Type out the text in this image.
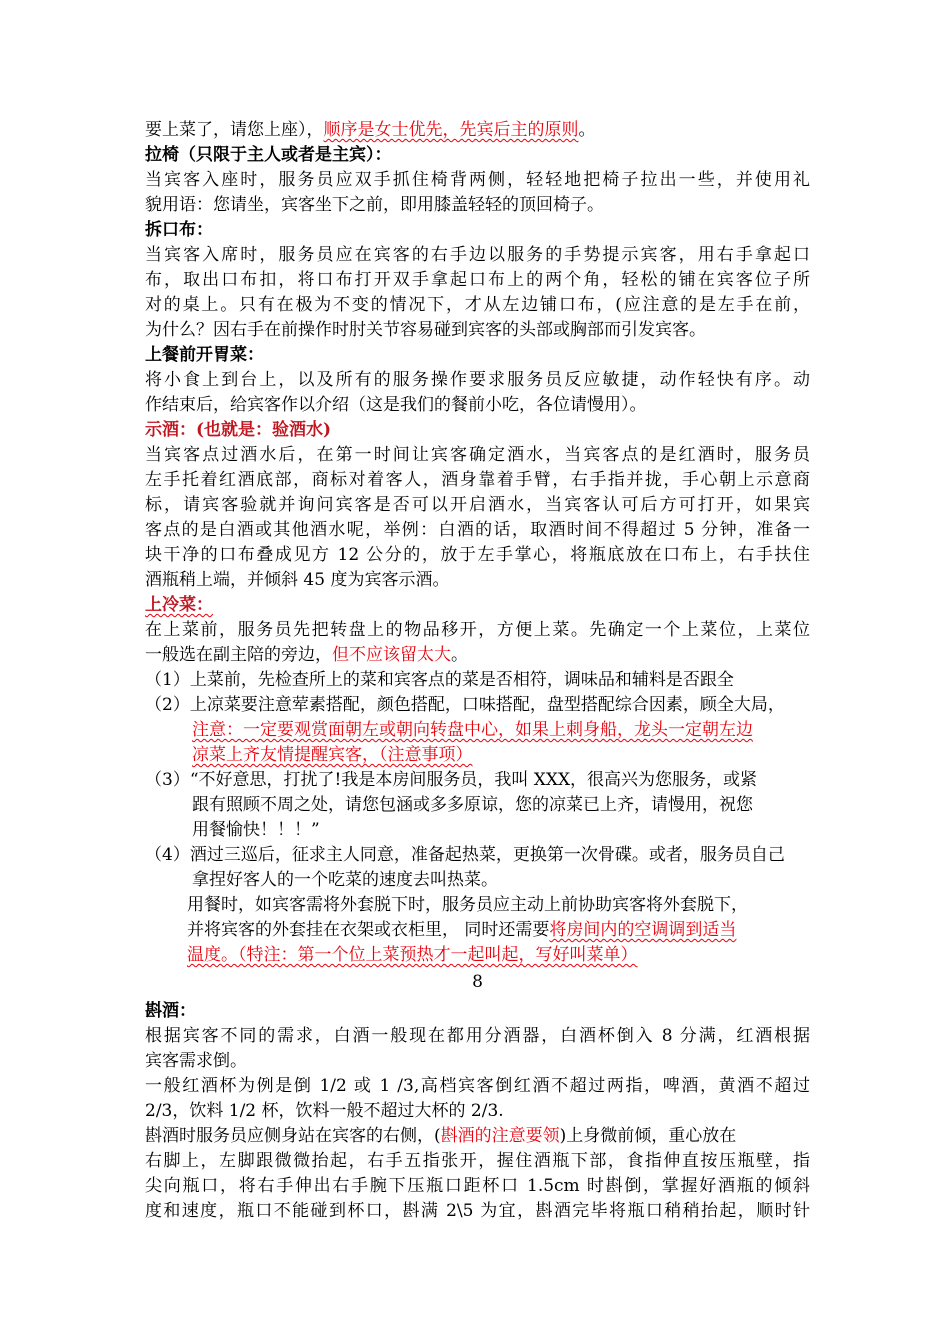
要上菜了，请您上座），顺序是女士优先，先宾后主的原则。
拉椅（只限于主人或者是主宾）：
当宾客入座时，服务员应双手抓住椅背两侧，轻轻地把椅子拉出一些，并使用礼
貌用语：您请坐，宾客坐下之前，即用膝盖轻轻的顶回椅子。
拆口布：
当宾客入席时，服务员应在宾客的右手边以服务的手势提示宾客，用右手拿起口
布，取出口布扣，将口布打开双手拿起口布上的两个角，轻松的铺在宾客位子所
对的桌上。只有在极为不变的情况下，才从左边铺口布，(应注意的是左手在前，
为什么？因右手在前操作时肘关节容易碰到宾客的头部或胸部而引发宾客。
上餐前开胃菜：
将小食上到台上，以及所有的服务操作要求服务员反应敏捷，动作轻快有序。动
作结束后，给宾客作以介绍（这是我们的餐前小吃，各位请慢用）。
示酒：(也就是：验酒水)
当宾客点过酒水后，在第一时间让宾客确定酒水，当宾客点的是红酒时，服务员
左手托着红酒底部，商标对着客人，酒身靠着手臂，右手指并拢，手心朝上示意商
标，请宾客验就并询问宾客是否可以开启酒水，当宾客认可后方可打开，如果宾
客点的是白酒或其他酒水呢，举例：白酒的话，取酒时间不得超过 5 分钟，准备一
块干净的口布叠成见方 12 公分的，放于左手掌心，将瓶底放在口布上，右手扶住
酒瓶稍上端，并倾斜 45 度为宾客示酒。
上冷菜：
在上菜前，服务员先把转盘上的物品移开，方便上菜。先确定一个上菜位，上菜位
一般选在副主陪的旁边，但不应该留太大。
（1）上菜前，先检查所上的菜和宾客点的菜是否相符，调味品和辅料是否跟全
（2）上凉菜要注意荤素搭配，颜色搭配，口味搭配，盘型搭配综合因素，顾全大局，
注意：一定要观赏面朝左或朝向转盘中心，如果上刺身船，龙头一定朝左边
凉菜上齐友情提醒宾客，（注意事项）
（3）“不好意思，打扰了!我是本房间服务员，我叫 XXX，很高兴为您服务，或紧
跟有照顾不周之处，请您包涵或多多原谅，您的凉菜已上齐，请慢用，祝您
用餐愉快！！！”
（4）酒过三巡后，征求主人同意，准备起热菜，更换第一次骨碟。或者，服务员自己
拿捏好客人的一个吃菜的速度去叫热菜。
用餐时，如宾客需将外套脱下时，服务员应主动上前协助宾客将外套脱下，
并将宾客的外套挂在衣架或衣柜里， 同时还需要将房间内的空调调到适当
温度。（特注：第一个位上菜预热才一起叫起，写好叫菜单）
8
斟酒：
根据宾客不同的需求，白酒一般现在都用分酒器，白酒杯倒入 8 分满，红酒根据
宾客需求倒。
一般红酒杯为例是倒 1/2 或 1 /3,高档宾客倒红酒不超过两指，啤酒，黄酒不超过
2/3，饮料 1/2 杯，饮料一般不超过大杯的 2/3.
斟酒时服务员应侧身站在宾客的右侧，(斟酒的注意要领)上身微前倾，重心放在
右脚上，左脚跟微微抬起，右手五指张开，握住酒瓶下部，食指伸直按压瓶壁，指
尖向瓶口，将右手伸出右手腕下压瓶口距杯口 1.5cm 时斟倒，掌握好酒瓶的倾斜
度和速度，瓶口不能碰到杯口，斟满 2\5 为宜，斟酒完毕将瓶口稍稍抬起，顺时针
